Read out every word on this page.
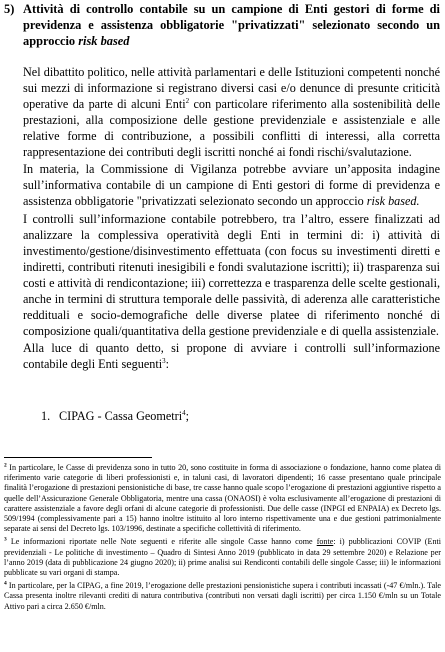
5) Attività di controllo contabile su un campione di Enti gestori di forme di previdenza e assistenza obbligatorie "privatizzati" selezionato secondo un approccio risk based

Nel dibattito politico, nelle attività parlamentari e delle Istituzioni competenti nonché sui mezzi di informazione si registrano diversi casi e/o denunce di presunte criticità operative da parte di alcuni Enti$^2$ con particolare riferimento alla sostenibilità delle prestazioni, alla composizione delle gestione previdenziale e assistenziale e alle relative forme di contribuzione, a possibili conflitti di interessi, alla corretta rappresentazione dei contributi degli iscritti nonché ai fondi rischi/svalutazione.

In materia, la Commissione di Vigilanza potrebbe avviare un’apposita indagine sull’informativa contabile di un campione di Enti gestori di forme di previdenza e assistenza obbligatorie "privatizzati selezionato secondo un approccio risk based.

I controlli sull’informazione contabile potrebbero, tra l’altro, essere finalizzati ad analizzare la complessiva operatività degli Enti in termini di: i) attività di investimento/gestione/disinvestimento effettuata (con focus su investimenti diretti e indiretti, contributi ritenuti inesigibili e fondi svalutazione iscritti); ii) trasparenza sui costi e attività di rendicontazione; iii) correttezza e trasparenza delle scelte gestionali, anche in termini di struttura temporale delle passività, di aderenza alle caratteristiche reddituali e socio-demografiche delle diverse platee di riferimento nonché di composizione quali/quantitativa della gestione previdenziale e di quella assistenziale.

Alla luce di quanto detto, si propone di avviare i controlli sull’informazione contabile degli Enti seguenti$^3$:

1. CIPAG - Cassa Geometri$^4$;

$^2$ In particolare, le Casse di previdenza sono in tutto 20, sono costituite in forma di associazione o fondazione, hanno come platea di riferimento varie categorie di liberi professionisti e, in taluni casi, di lavoratori dipendenti; 16 casse presentano quale principale finalità l’erogazione di prestazioni pensionistiche di base, tre casse hanno quale scopo l’erogazione di prestazioni aggiuntive rispetto a quelle dell’Assicurazione Generale Obbligatoria, mentre una cassa (ONAOSI) è volta esclusivamente all’erogazione di prestazioni di carattere assistenziale a favore degli orfani di alcune categorie di professionisti. Due delle casse (INPGI ed ENPAIA) ex Decreto lgs. 509/1994 (complessivamente pari a 15) hanno inoltre istituito al loro interno rispettivamente una e due gestioni patrimonialmente separate ai sensi del Decreto lgs. 103/1996, destinate a specifiche collettività di riferimento.

$^3$ Le informazioni riportate nelle Note seguenti e riferite alle singole Casse hanno come fonte: i) pubblicazioni COVIP (Enti previdenziali - Le politiche di investimento – Quadro di Sintesi Anno 2019 (pubblicato in data 29 settembre 2020) e Relazione per l’anno 2019 (data di pubblicazione 24 giugno 2020); ii) prime analisi sui Rendiconti contabili delle singole Casse; iii) le informazioni pubblicate su vari organi di stampa.

$^4$ In particolare, per la CIPAG, a fine 2019, l’erogazione delle prestazioni pensionistiche supera i contributi incassati (-47 €/mln.). Tale Cassa presenta inoltre rilevanti crediti di natura contributiva (contributi non versati dagli iscritti) per circa 1.150 €/mln su un Totale Attivo pari a circa 2.650 €/mln.
